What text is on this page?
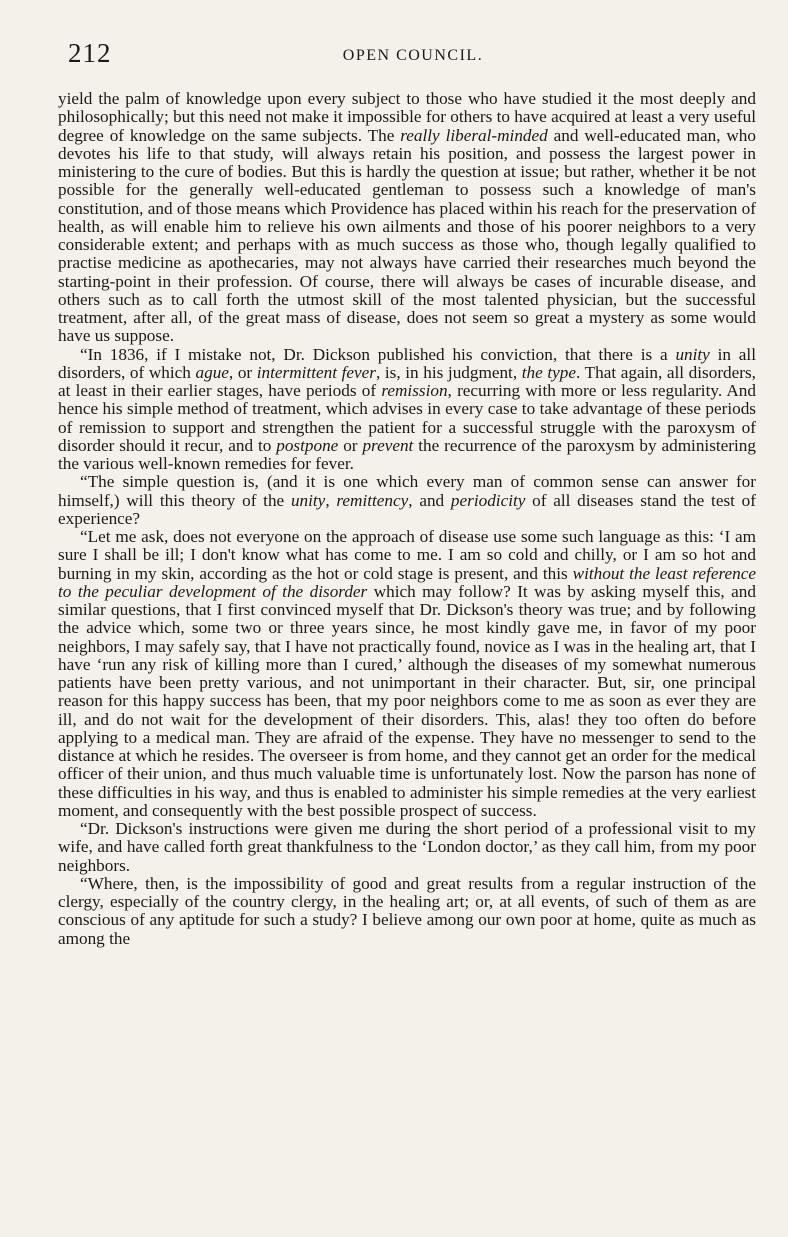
212	OPEN COUNCIL.

yield the palm of knowledge upon every subject to those who have studied it the most deeply and philosophically; but this need not make it impossible for others to have acquired at least a very useful degree of knowledge on the same subjects. The really liberal-minded and well-educated man, who devotes his life to that study, will always retain his position, and possess the largest power in ministering to the cure of bodies. But this is hardly the question at issue; but rather, whether it be not possible for the generally well-educated gentleman to possess such a knowledge of man's constitution, and of those means which Providence has placed within his reach for the preservation of health, as will enable him to relieve his own ailments and those of his poorer neighbors to a very considerable extent; and perhaps with as much success as those who, though legally qualified to practise medicine as apothecaries, may not always have carried their researches much beyond the starting-point in their profession. Of course, there will always be cases of incurable disease, and others such as to call forth the utmost skill of the most talented physician, but the successful treatment, after all, of the great mass of disease, does not seem so great a mystery as some would have us suppose.

“In 1836, if I mistake not, Dr. Dickson published his conviction, that there is a unity in all disorders, of which ague, or intermittent fever, is, in his judgment, the type. That again, all disorders, at least in their earlier stages, have periods of remission, recurring with more or less regularity. And hence his simple method of treatment, which advises in every case to take advantage of these periods of remission to support and strengthen the patient for a successful struggle with the paroxysm of disorder should it recur, and to postpone or prevent the recurrence of the paroxysm by administering the various well-known remedies for fever.

“The simple question is, (and it is one which every man of common sense can answer for himself,) will this theory of the unity, remittency, and periodicity of all diseases stand the test of experience?

“Let me ask, does not everyone on the approach of disease use some such language as this: ‘I am sure I shall be ill; I don't know what has come to me. I am so cold and chilly, or I am so hot and burning in my skin, according as the hot or cold stage is present, and this without the least reference to the peculiar development of the disorder which may follow? It was by asking myself this, and similar questions, that I first convinced myself that Dr. Dickson's theory was true; and by following the advice which, some two or three years since, he most kindly gave me, in favor of my poor neighbors, I may safely say, that I have not practically found, novice as I was in the healing art, that I have ‘run any risk of killing more than I cured,’ although the diseases of my somewhat numerous patients have been pretty various, and not unimportant in their character. But, sir, one principal reason for this happy success has been, that my poor neighbors come to me as soon as ever they are ill, and do not wait for the development of their disorders. This, alas! they too often do before applying to a medical man. They are afraid of the expense. They have no messenger to send to the distance at which he resides. The overseer is from home, and they cannot get an order for the medical officer of their union, and thus much valuable time is unfortunately lost. Now the parson has none of these difficulties in his way, and thus is enabled to administer his simple remedies at the very earliest moment, and consequently with the best possible prospect of success.

“Dr. Dickson's instructions were given me during the short period of a professional visit to my wife, and have called forth great thankfulness to the ‘London doctor,’ as they call him, from my poor neighbors.

“Where, then, is the impossibility of good and great results from a regular instruction of the clergy, especially of the country clergy, in the healing art; or, at all events, of such of them as are conscious of any aptitude for such a study? I believe among our own poor at home, quite as much as among the
